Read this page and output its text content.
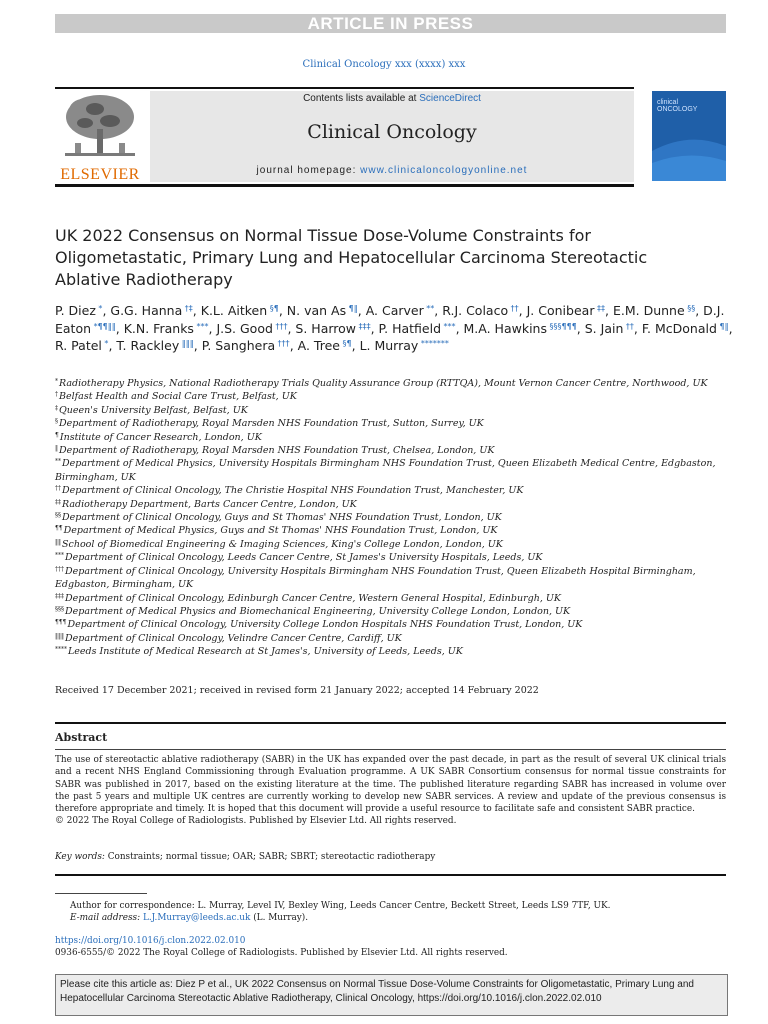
ARTICLE IN PRESS
Clinical Oncology xxx (xxxx) xxx
ELSEVIER
Contents lists available at ScienceDirect
Clinical Oncology
journal homepage: www.clinicaloncologyonline.net
clinical
ONCOLOGY
UK 2022 Consensus on Normal Tissue Dose-Volume Constraints for Oligometastatic, Primary Lung and Hepatocellular Carcinoma Stereotactic Ablative Radiotherapy
P. Diez *, G.G. Hanna †‡, K.L. Aitken §¶, N. van As ¶‖, A. Carver **, R.J. Colaco ††, J. Conibear ‡‡, E.M. Dunne §§, D.J. Eaton *¶¶‖‖, K.N. Franks ***, J.S. Good †††, S. Harrow ‡‡‡, P. Hatfield ***, M.A. Hawkins §§§¶¶¶, S. Jain ††, F. McDonald ¶‖, R. Patel *, T. Rackley ‖‖‖, P. Sanghera †††, A. Tree §¶, L. Murray *******
*Radiotherapy Physics, National Radiotherapy Trials Quality Assurance Group (RTTQA), Mount Vernon Cancer Centre, Northwood, UK
†Belfast Health and Social Care Trust, Belfast, UK
‡Queen's University Belfast, Belfast, UK
§Department of Radiotherapy, Royal Marsden NHS Foundation Trust, Sutton, Surrey, UK
¶Institute of Cancer Research, London, UK
‖Department of Radiotherapy, Royal Marsden NHS Foundation Trust, Chelsea, London, UK
**Department of Medical Physics, University Hospitals Birmingham NHS Foundation Trust, Queen Elizabeth Medical Centre, Edgbaston, Birmingham, UK
††Department of Clinical Oncology, The Christie Hospital NHS Foundation Trust, Manchester, UK
‡‡Radiotherapy Department, Barts Cancer Centre, London, UK
§§Department of Clinical Oncology, Guys and St Thomas' NHS Foundation Trust, London, UK
¶¶Department of Medical Physics, Guys and St Thomas' NHS Foundation Trust, London, UK
‖‖School of Biomedical Engineering & Imaging Sciences, King's College London, London, UK
***Department of Clinical Oncology, Leeds Cancer Centre, St James's University Hospitals, Leeds, UK
†††Department of Clinical Oncology, University Hospitals Birmingham NHS Foundation Trust, Queen Elizabeth Hospital Birmingham, Edgbaston, Birmingham, UK
‡‡‡Department of Clinical Oncology, Edinburgh Cancer Centre, Western General Hospital, Edinburgh, UK
§§§Department of Medical Physics and Biomechanical Engineering, University College London, London, UK
¶¶¶Department of Clinical Oncology, University College London Hospitals NHS Foundation Trust, London, UK
‖‖‖Department of Clinical Oncology, Velindre Cancer Centre, Cardiff, UK
****Leeds Institute of Medical Research at St James's, University of Leeds, Leeds, UK
Received 17 December 2021; received in revised form 21 January 2022; accepted 14 February 2022
Abstract
The use of stereotactic ablative radiotherapy (SABR) in the UK has expanded over the past decade, in part as the result of several UK clinical trials and a recent NHS England Commissioning through Evaluation programme. A UK SABR Consortium consensus for normal tissue constraints for SABR was published in 2017, based on the existing literature at the time. The published literature regarding SABR has increased in volume over the past 5 years and multiple UK centres are currently working to develop new SABR services. A review and update of the previous consensus is therefore appropriate and timely. It is hoped that this document will provide a useful resource to facilitate safe and consistent SABR practice.
© 2022 The Royal College of Radiologists. Published by Elsevier Ltd. All rights reserved.
Key words: Constraints; normal tissue; OAR; SABR; SBRT; stereotactic radiotherapy
Author for correspondence: L. Murray, Level IV, Bexley Wing, Leeds Cancer Centre, Beckett Street, Leeds LS9 7TF, UK.
E-mail address: L.J.Murray@leeds.ac.uk (L. Murray).
https://doi.org/10.1016/j.clon.2022.02.010
0936-6555/© 2022 The Royal College of Radiologists. Published by Elsevier Ltd. All rights reserved.
Please cite this article as: Diez P et al., UK 2022 Consensus on Normal Tissue Dose-Volume Constraints for Oligometastatic, Primary Lung and Hepatocellular Carcinoma Stereotactic Ablative Radiotherapy, Clinical Oncology, https://doi.org/10.1016/j.clon.2022.02.010
